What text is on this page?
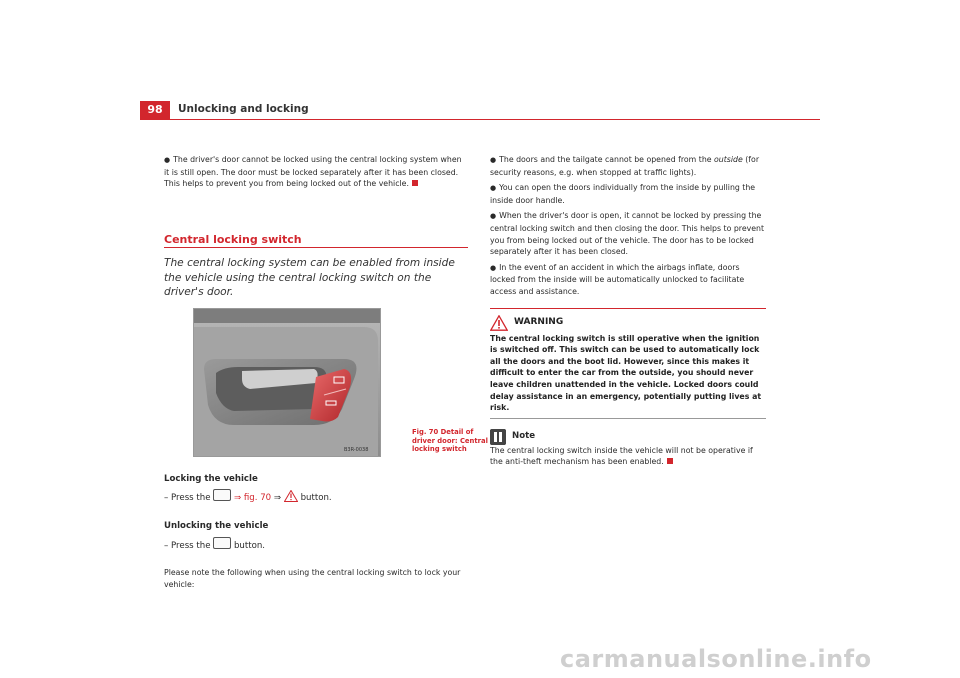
98	Unlocking and locking

● The driver's door cannot be locked using the central locking system when it is still open. The door must be locked separately after it has been closed. This helps to prevent you from being locked out of the vehicle.

Central locking switch
The central locking system can be enabled from inside the vehicle using the central locking switch on the driver's door.
B3R-0038
Fig. 70 Detail of driver door: Central locking switch
Locking the vehicle
– Press the	⇒ fig. 70 ⇒ button.
Unlocking the vehicle
– Press the	button.
Please note the following when using the central locking switch to lock your vehicle:

● The doors and the tailgate cannot be opened from the outside (for security reasons, e.g. when stopped at traffic lights).

● You can open the doors individually from the inside by pulling the inside door handle.

● When the driver's door is open, it cannot be locked by pressing the central locking switch and then closing the door. This helps to prevent you from being locked out of the vehicle. The door has to be locked separately after it has been closed.

● In the event of an accident in which the airbags inflate, doors locked from the inside will be automatically unlocked to facilitate access and assistance.

WARNING
The central locking switch is still operative when the ignition is switched off. This switch can be used to automatically lock all the doors and the boot lid. However, since this makes it difficult to enter the car from the outside, you should never leave children unattended in the vehicle. Locked doors could delay assistance in an emergency, potentially putting lives at risk.
Note
The central locking switch inside the vehicle will not be operative if the anti-theft mechanism has been enabled.
carmanualsonline.info
